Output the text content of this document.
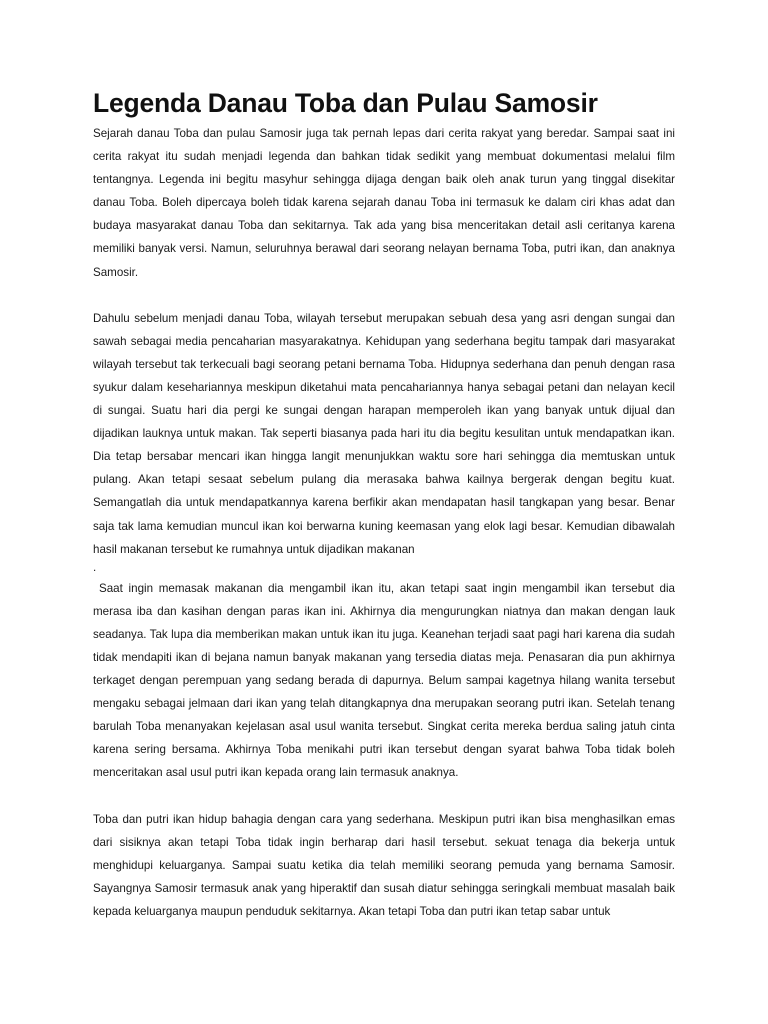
Legenda Danau Toba dan Pulau Samosir

Sejarah danau Toba dan pulau Samosir juga tak pernah lepas dari cerita rakyat yang beredar. Sampai saat ini cerita rakyat itu sudah menjadi legenda dan bahkan tidak sedikit yang membuat dokumentasi melalui film tentangnya. Legenda ini begitu masyhur sehingga dijaga dengan baik oleh anak turun yang tinggal disekitar danau Toba. Boleh dipercaya boleh tidak karena sejarah danau Toba ini termasuk ke dalam ciri khas adat dan budaya masyarakat danau Toba dan sekitarnya. Tak ada yang bisa menceritakan detail asli ceritanya karena memiliki banyak versi. Namun, seluruhnya berawal dari seorang nelayan bernama Toba, putri ikan, dan anaknya Samosir.

Dahulu sebelum menjadi danau Toba, wilayah tersebut merupakan sebuah desa yang asri dengan sungai dan sawah sebagai media pencaharian masyarakatnya. Kehidupan yang sederhana begitu tampak dari masyarakat wilayah tersebut tak terkecuali bagi seorang petani bernama Toba. Hidupnya sederhana dan penuh dengan rasa syukur dalam kesehariannya meskipun diketahui mata pencahariannya hanya sebagai petani dan nelayan kecil di sungai. Suatu hari dia pergi ke sungai dengan harapan memperoleh ikan yang banyak untuk dijual dan dijadikan lauknya untuk makan. Tak seperti biasanya pada hari itu dia begitu kesulitan untuk mendapatkan ikan. Dia tetap bersabar mencari ikan hingga langit menunjukkan waktu sore hari sehingga dia memtuskan untuk pulang. Akan tetapi sesaat sebelum pulang dia merasaka bahwa kailnya bergerak dengan begitu kuat. Semangatlah dia untuk mendapatkannya karena berfikir akan mendapatan hasil tangkapan yang besar. Benar saja tak lama kemudian muncul ikan koi berwarna kuning keemasan yang elok lagi besar. Kemudian dibawalah hasil makanan tersebut ke rumahnya untuk dijadikan makanan

.

Saat ingin memasak makanan dia mengambil ikan itu, akan tetapi saat ingin mengambil ikan tersebut dia merasa iba dan kasihan dengan paras ikan ini. Akhirnya dia mengurungkan niatnya dan makan dengan lauk seadanya. Tak lupa dia memberikan makan untuk ikan itu juga. Keanehan terjadi saat pagi hari karena dia sudah tidak mendapiti ikan di bejana namun banyak makanan yang tersedia diatas meja. Penasaran dia pun akhirnya terkaget dengan perempuan yang sedang berada di dapurnya. Belum sampai kagetnya hilang wanita tersebut mengaku sebagai jelmaan dari ikan yang telah ditangkapnya dna merupakan seorang putri ikan. Setelah tenang barulah Toba menanyakan kejelasan asal usul wanita tersebut. Singkat cerita mereka berdua saling jatuh cinta karena sering bersama. Akhirnya Toba menikahi putri ikan tersebut dengan syarat bahwa Toba tidak boleh menceritakan asal usul putri ikan kepada orang lain termasuk anaknya.

Toba dan putri ikan hidup bahagia dengan cara yang sederhana. Meskipun putri ikan bisa menghasilkan emas dari sisiknya akan tetapi Toba tidak ingin berharap dari hasil tersebut. sekuat tenaga dia bekerja untuk menghidupi keluarganya. Sampai suatu ketika dia telah memiliki seorang pemuda yang bernama Samosir. Sayangnya Samosir termasuk anak yang hiperaktif dan susah diatur sehingga seringkali membuat masalah baik kepada keluarganya maupun penduduk sekitarnya. Akan tetapi Toba dan putri ikan tetap sabar untuk
